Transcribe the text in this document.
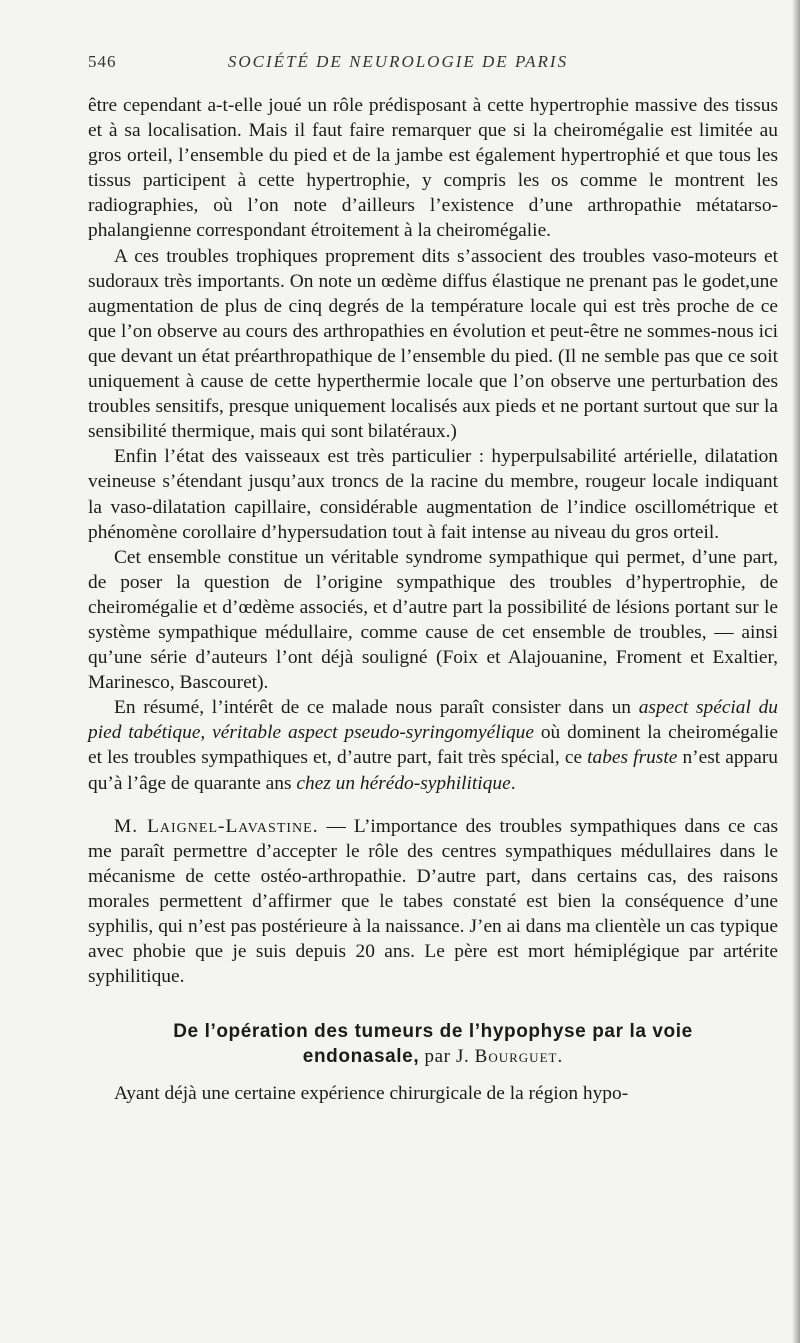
546	SOCIÉTÉ DE NEUROLOGIE DE PARIS

être cependant a-t-elle joué un rôle prédisposant à cette hypertrophie massive des tissus et à sa localisation. Mais il faut faire remarquer que si la cheiromégalie est limitée au gros orteil, l’ensemble du pied et de la jambe est également hypertrophié et que tous les tissus participent à cette hypertrophie, y compris les os comme le montrent les radiographies, où l’on note d’ailleurs l’existence d’une arthropathie métatarso-phalangienne correspondant étroitement à la cheiromégalie.

A ces troubles trophiques proprement dits s’associent des troubles vaso-moteurs et sudoraux très importants. On note un œdème diffus élastique ne prenant pas le godet,une augmentation de plus de cinq degrés de la température locale qui est très proche de ce que l’on observe au cours des arthropathies en évolution et peut-être ne sommes-nous ici que devant un état préarthropathique de l’ensemble du pied. (Il ne semble pas que ce soit uniquement à cause de cette hyperthermie locale que l’on observe une perturbation des troubles sensitifs, presque uniquement localisés aux pieds et ne portant surtout que sur la sensibilité thermique, mais qui sont bilatéraux.)

Enfin l’état des vaisseaux est très particulier : hyperpulsabilité artérielle, dilatation veineuse s’étendant jusqu’aux troncs de la racine du membre, rougeur locale indiquant la vaso-dilatation capillaire, considérable augmentation de l’indice oscillométrique et phénomène corollaire d’hypersudation tout à fait intense au niveau du gros orteil.

Cet ensemble constitue un véritable syndrome sympathique qui permet, d’une part, de poser la question de l’origine sympathique des troubles d’hypertrophie, de cheiromégalie et d’œdème associés, et d’autre part la possibilité de lésions portant sur le système sympathique médullaire, comme cause de cet ensemble de troubles, — ainsi qu’une série d’auteurs l’ont déjà souligné (Foix et Alajouanine, Froment et Exaltier, Marinesco, Bascouret).

En résumé, l’intérêt de ce malade nous paraît consister dans un aspect spécial du pied tabétique, véritable aspect pseudo-syringomyélique où dominent la cheiromégalie et les troubles sympathiques et, d’autre part, fait très spécial, ce tabes fruste n’est apparu qu’à l’âge de quarante ans chez un hérédo-syphilitique.

M. Laignel-Lavastine. — L’importance des troubles sympathiques dans ce cas me paraît permettre d’accepter le rôle des centres sympathiques médullaires dans le mécanisme de cette ostéo-arthropathie. D’autre part, dans certains cas, des raisons morales permettent d’affirmer que le tabes constaté est bien la conséquence d’une syphilis, qui n’est pas postérieure à la naissance. J’en ai dans ma clientèle un cas typique avec phobie que je suis depuis 20 ans. Le père est mort hémiplégique par artérite syphilitique.

De l’opération des tumeurs de l’hypophyse par la voie
endonasale, par J. Bourguet.

Ayant déjà une certaine expérience chirurgicale de la région hypo-
